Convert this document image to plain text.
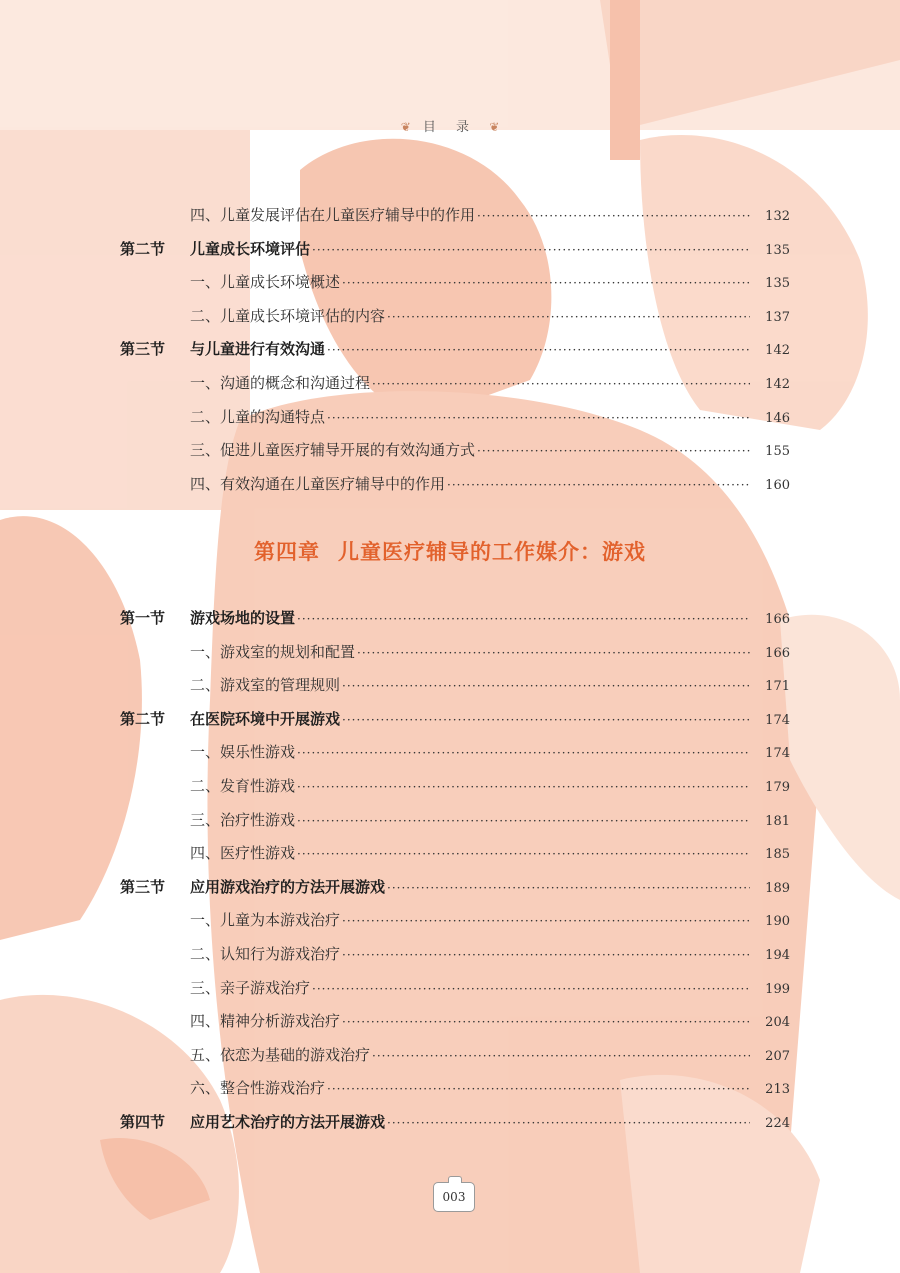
❦ 目 录 ❦
四、儿童发展评估在儿童医疗辅导中的作用 ·····	132
第二节	儿童成长环境评估 ·····	135
一、儿童成长环境概述 ·····	135
二、儿童成长环境评估的内容 ·····	137
第三节	与儿童进行有效沟通 ·····	142
一、沟通的概念和沟通过程 ·····	142
二、儿童的沟通特点 ·····	146
三、促进儿童医疗辅导开展的有效沟通方式 ·····	155
四、有效沟通在儿童医疗辅导中的作用 ·····	160
第一节	游戏场地的设置 ·····	166
一、游戏室的规划和配置 ·····	166
二、游戏室的管理规则 ·····	171
第二节	在医院环境中开展游戏 ·····	174
一、娱乐性游戏 ·····	174
二、发育性游戏 ·····	179
三、治疗性游戏 ·····	181
四、医疗性游戏 ·····	185
第三节	应用游戏治疗的方法开展游戏 ·····	189
一、儿童为本游戏治疗 ·····	190
二、认知行为游戏治疗 ·····	194
三、亲子游戏治疗 ·····	199
四、精神分析游戏治疗 ·····	204
五、依恋为基础的游戏治疗 ·····	207
六、整合性游戏治疗 ·····	213
第四节	应用艺术治疗的方法开展游戏 ·····	224
第四章 儿童医疗辅导的工作媒介：游戏
003
